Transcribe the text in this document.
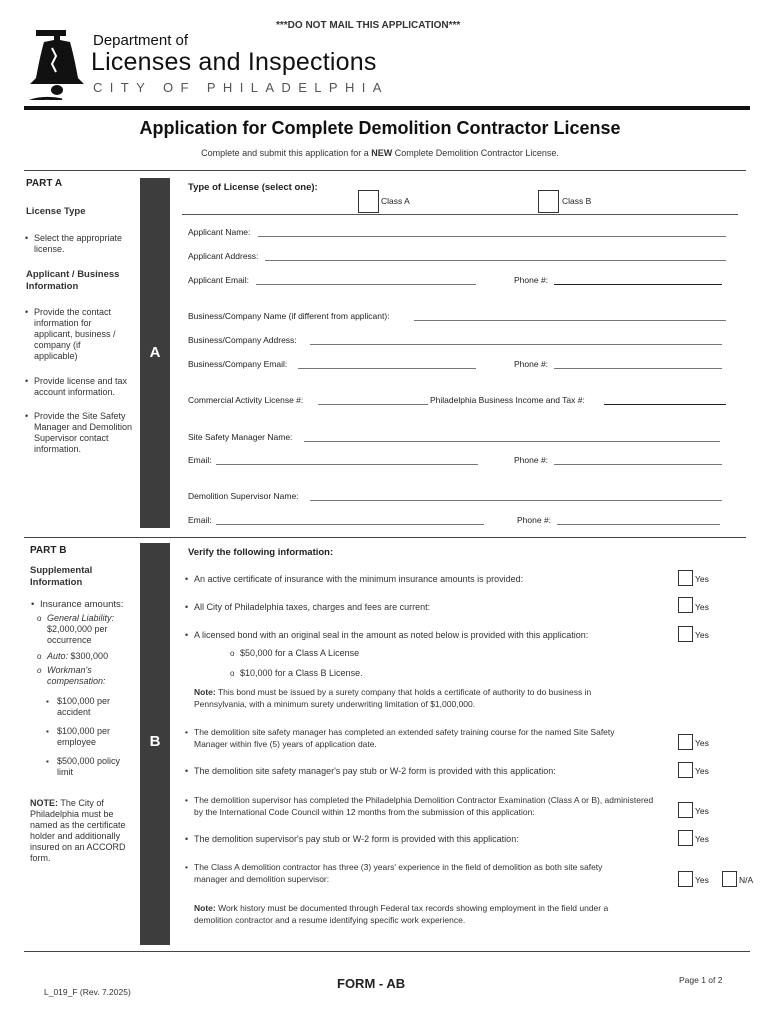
***DO NOT MAIL THIS APPLICATION***
Department of
Licenses and Inspections
CITY OF PHILADELPHIA
Application for Complete Demolition Contractor License
Complete and submit this application for a NEW Complete Demolition Contractor License.
PART A
License Type
• Select the appropriate license.
Applicant / Business Information
• Provide the contact information for applicant, business / company (if applicable)
• Provide license and tax account information.
• Provide the Site Safety Manager and Demolition Supervisor contact information.
A
Type of License (select one):
Class A	Class B
Applicant Name:
Applicant Address:
Applicant Email:	Phone #:
Business/Company Name (if different from applicant):
Business/Company Address:
Business/Company Email:	Phone #:
Commercial Activity License #:	Philadelphia Business Income and Tax #:
Site Safety Manager Name:
Email:	Phone #:
Demolition Supervisor Name:
Email:	Phone #:
PART B
Supplemental Information
• Insurance amounts:
o General Liability: $2,000,000 per occurrence
o Auto: $300,000
o Workman's compensation:
▪ $100,000 per accident
▪ $100,000 per employee
▪ $500,000 policy limit
NOTE: The City of Philadelphia must be named as the certificate holder and additionally insured on an ACCORD form.
B
Verify the following information:
• An active certificate of insurance with the minimum insurance amounts is provided:	Yes
• All City of Philadelphia taxes, charges and fees are current:	Yes
• A licensed bond with an original seal in the amount as noted below is provided with this application:	Yes
o $50,000 for a Class A License
o $10,000 for a Class B License.
Note: This bond must be issued by a surety company that holds a certificate of authority to do business in Pennsylvania, with a minimum surety underwriting limitation of $1,000,000.
• The demolition site safety manager has completed an extended safety training course for the named Site Safety Manager within five (5) years of application date.	Yes
• The demolition site safety manager's pay stub or W-2 form is provided with this application:	Yes
• The demolition supervisor has completed the Philadelphia Demolition Contractor Examination (Class A or B), administered by the International Code Council within 12 months from the submission of this application:	Yes
• The demolition supervisor's pay stub or W-2 form is provided with this application:	Yes
• The Class A demolition contractor has three (3) years' experience in the field of demolition as both site safety manager and demolition supervisor:	Yes	N/A
Note: Work history must be documented through Federal tax records showing employment in the field under a demolition contractor and a resume identifying specific work experience.
L_019_F (Rev. 7.2025)
FORM - AB	Page 1 of 2
